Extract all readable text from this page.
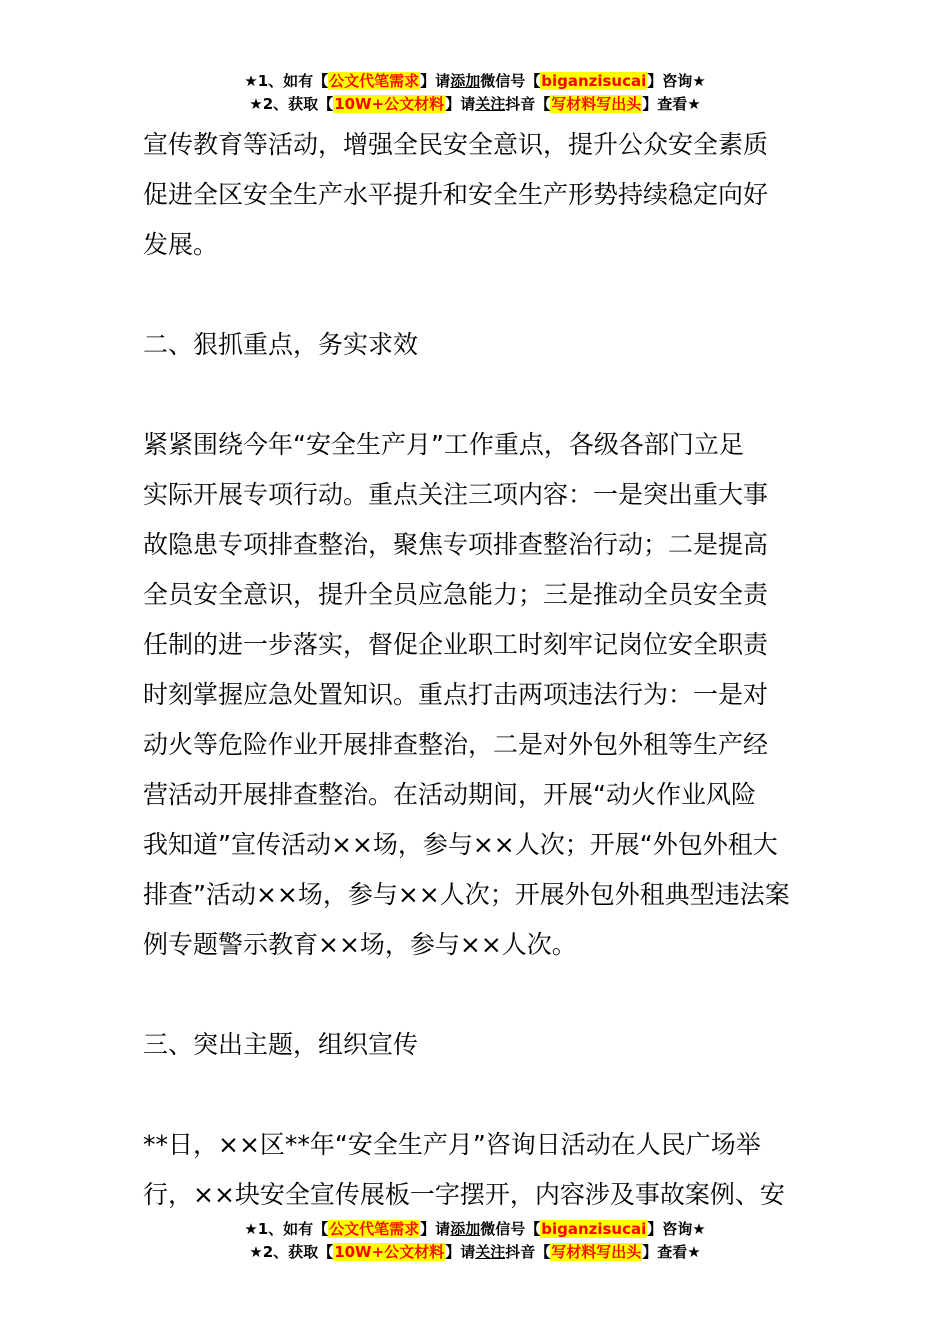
★1、如有【公文代笔需求】请添加微信号【biganzisucai】咨询★
★2、获取【10W+公文材料】请关注抖音【写材料写出头】查看★

宣传教育等活动，增强全民安全意识，提升公众安全素质

促进全区安全生产水平提升和安全生产形势持续稳定向好

发展。

二、狠抓重点，务实求效

紧紧围绕今年“安全生产月”工作重点，各级各部门立足

实际开展专项行动。重点关注三项内容：一是突出重大事

故隐患专项排查整治，聚焦专项排查整治行动；二是提高

全员安全意识，提升全员应急能力；三是推动全员安全责

任制的进一步落实，督促企业职工时刻牢记岗位安全职责

时刻掌握应急处置知识。重点打击两项违法行为：一是对

动火等危险作业开展排查整治，二是对外包外租等生产经

营活动开展排查整治。在活动期间，开展“动火作业风险

我知道”宣传活动××场，参与××人次；开展“外包外租大

排查”活动××场，参与××人次；开展外包外租典型违法案

例专题警示教育××场，参与××人次。

三、突出主题，组织宣传

**日，××区**年“安全生产月”咨询日活动在人民广场举

行，××块安全宣传展板一字摆开，内容涉及事故案例、安

★1、如有【公文代笔需求】请添加微信号【biganzisucai】咨询★
★2、获取【10W+公文材料】请关注抖音【写材料写出头】查看★
